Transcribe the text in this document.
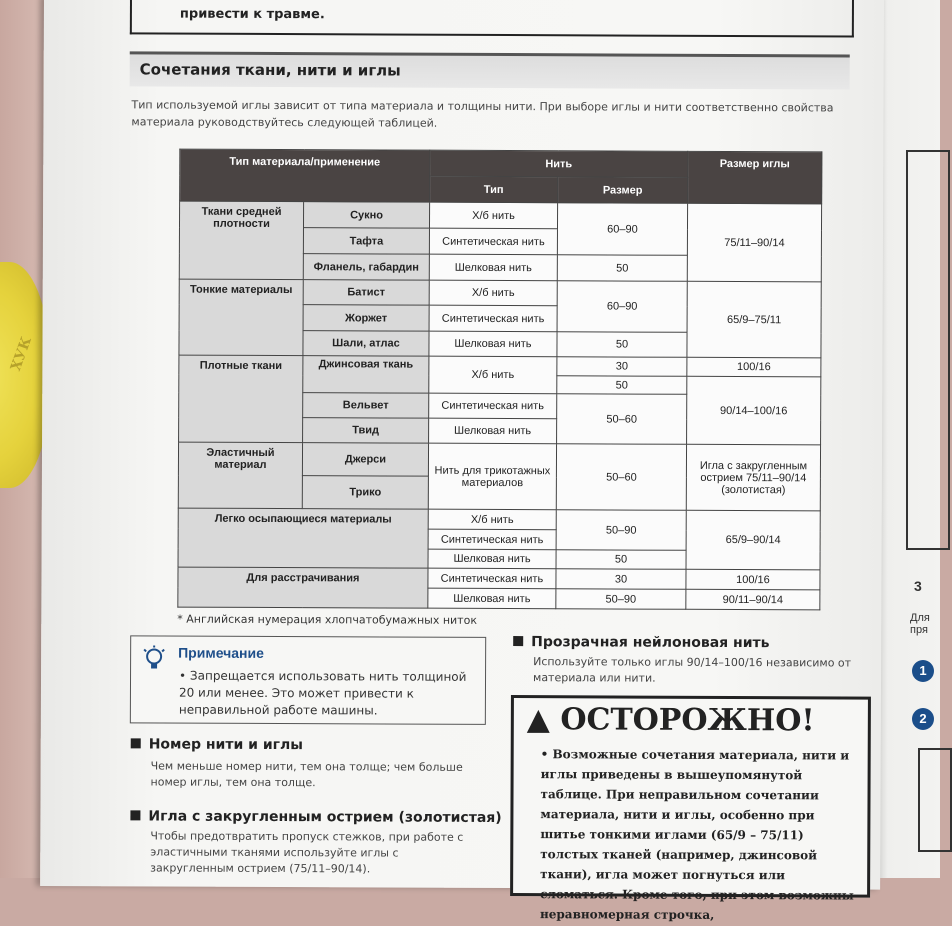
ХУК
3
Для пря
1
2
привести к травме.
Сочетания ткани, нити и иглы
Тип используемой иглы зависит от типа материала и толщины нити. При выборе иглы и нити соответственно свойства материала руководствуйтесь следующей таблицей.
Тип материала/применение		Нить		Размер иглы
		Тип	Размер	
Ткани средней плотности	Сукно	Х/б нить	60–90	75/11–90/14
	Тафта	Синтетическая нить		
	Фланель, габардин	Шелковая нить	50	
Тонкие материалы	Батист	Х/б нить	60–90	65/9–75/11
	Жоржет	Синтетическая нить		
	Шали, атлас	Шелковая нить	50	
Плотные ткани	Джинсовая ткань	Х/б нить	30	100/16
			50	90/14–100/16
	Вельвет	Синтетическая нить	50–60	
	Твид	Шелковая нить		
Эластичный материал	Джерси	Нить для трикотажных материалов	50–60	Игла с закругленным острием 75/11–90/14 (золотистая)
	Трико			
Легко осыпающиеся материалы		Х/б нить	50–90	65/9–90/14
		Синтетическая нить		
		Шелковая нить	50	
Для расстрачивания		Синтетическая нить	30	100/16
		Шелковая нить	50–90	90/11–90/14
* Английская нумерация хлопчатобумажных ниток
Примечание
• Запрещается использовать нить толщиной 20 или менее. Это может привести к неправильной работе машины.
Номер нити и иглы
Чем меньше номер нити, тем она толще; чем больше номер иглы, тем она толще.
Игла с закругленным острием (золотистая)
Чтобы предотвратить пропуск стежков, при работе с эластичными тканями используйте иглы с закругленным острием (75/11–90/14).
Прозрачная нейлоновая нить
Используйте только иглы 90/14–100/16 независимо от материала или нити.
▲ ОСТОРОЖНО!
• Возможные сочетания материала, нити и иглы приведены в вышеупомянутой таблице. При неправильном сочетании материала, нити и иглы, особенно при шитье тонкими иглами (65/9 – 75/11) толстых тканей (например, джинсовой ткани), игла может погнуться или сломаться. Кроме того, при этом возможны неравномерная строчка,
